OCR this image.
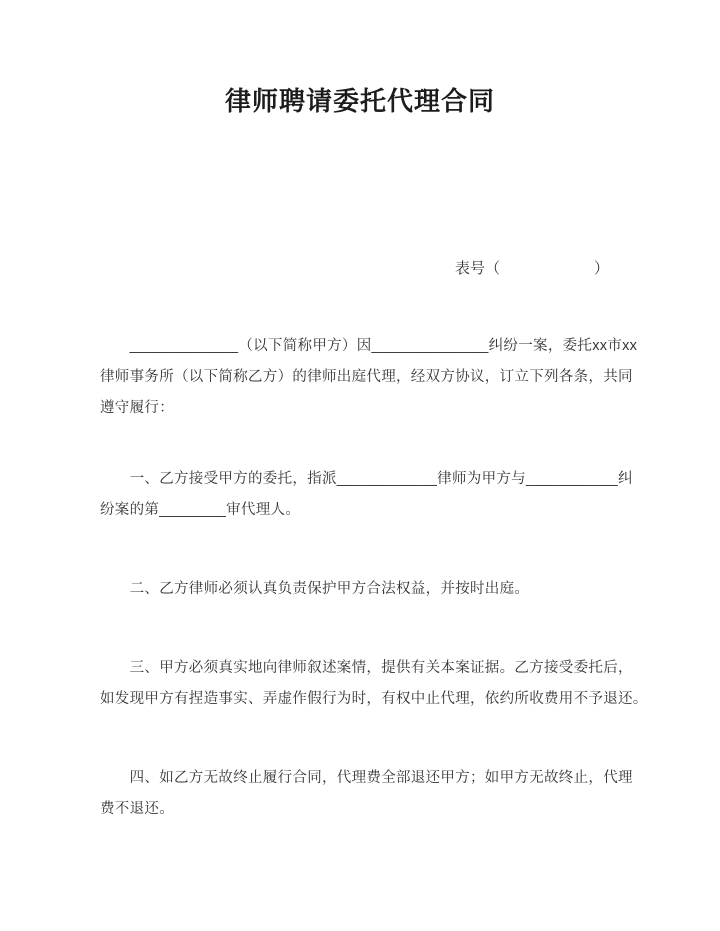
律师聘请委托代理合同
表号（	）
　　_____________（以下简称甲方）因______________纠纷一案，委托xx市xx
律师事务所（以下简称乙方）的律师出庭代理，经双方协议，订立下列各条，共同
遵守履行：
　　一、乙方接受甲方的委托，指派____________律师为甲方与___________纠
纷案的第________审代理人。
　　二、乙方律师必须认真负责保护甲方合法权益，并按时出庭。
　　三、甲方必须真实地向律师叙述案情，提供有关本案证据。乙方接受委托后，
如发现甲方有捏造事实、弄虚作假行为时，有权中止代理，依约所收费用不予退还。
　　四、如乙方无故终止履行合同，代理费全部退还甲方；如甲方无故终止，代理
费不退还。
